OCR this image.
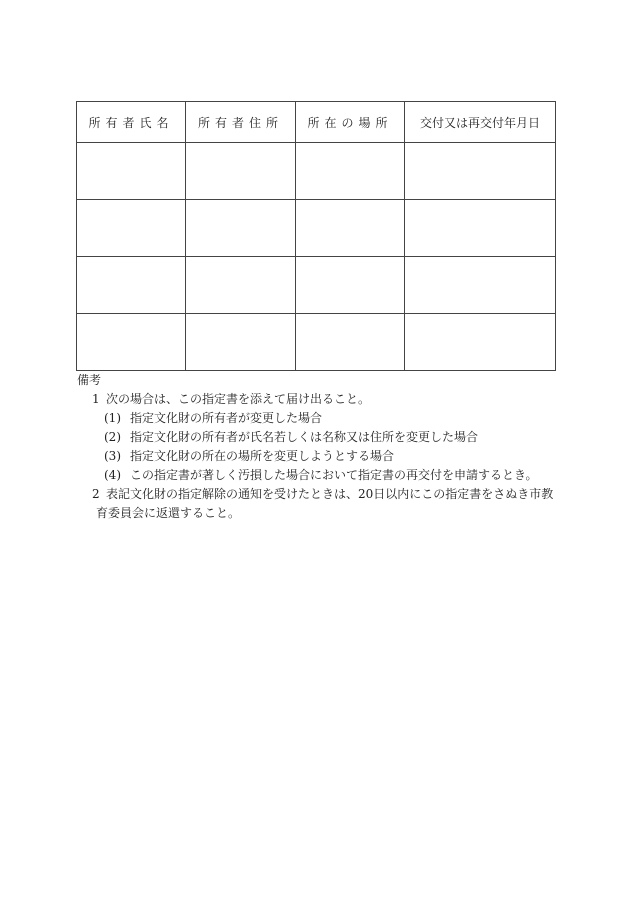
所有者氏名	所有者住所	所在の場所	交付又は再交付年月日

備考
1 次の場合は、この指定書を添えて届け出ること。
(1) 指定文化財の所有者が変更した場合
(2) 指定文化財の所有者が氏名若しくは名称又は住所を変更した場合
(3) 指定文化財の所在の場所を変更しようとする場合
(4) この指定書が著しく汚損した場合において指定書の再交付を申請するとき。
2 表記文化財の指定解除の通知を受けたときは、20日以内にこの指定書をさぬき市教
育委員会に返還すること。
